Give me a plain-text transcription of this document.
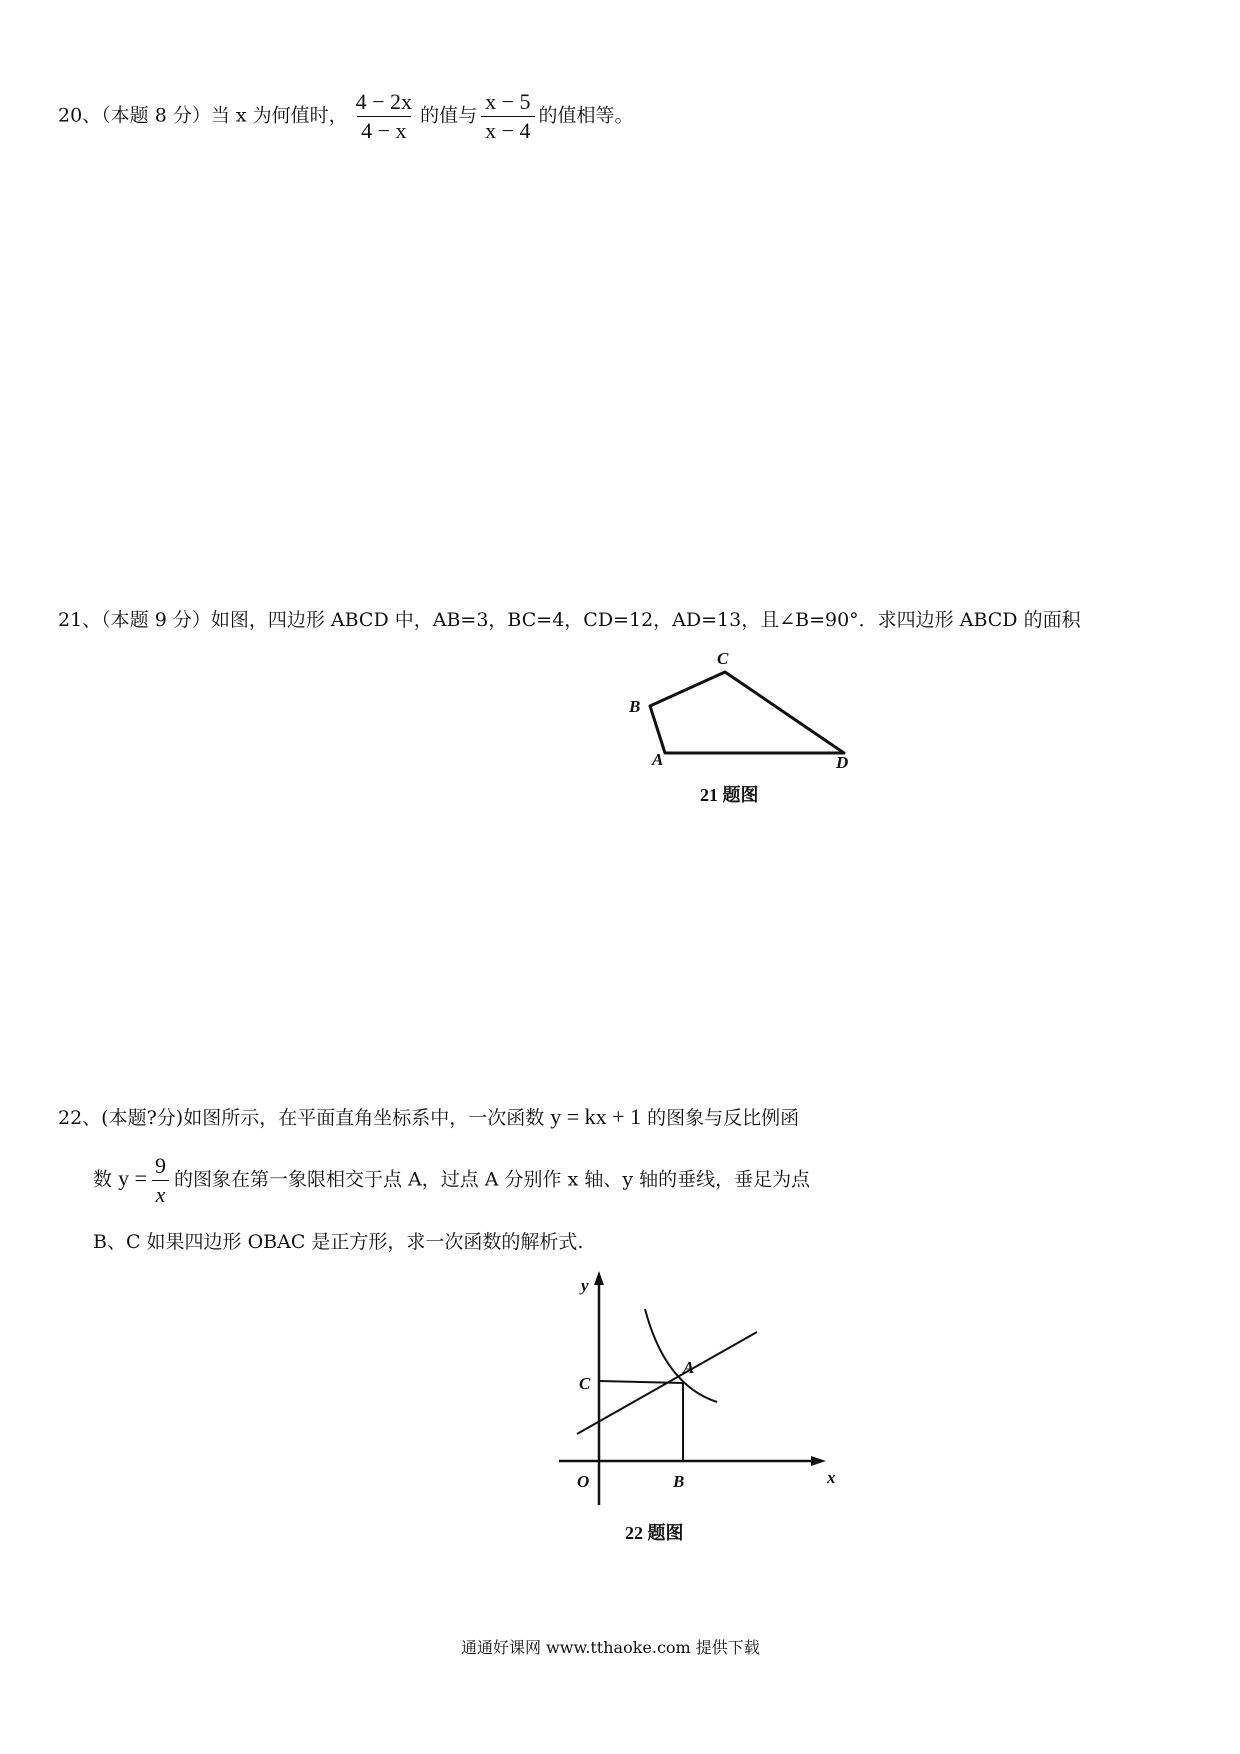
20、（本题 8 分）当 x 为何值时， $\frac{4 - 2x}{4 - x}$ 的值与 $\frac{x - 5}{x - 4}$ 的值相等。
21、（本题 9 分）如图，四边形 ABCD 中，AB=3，BC=4，CD=12，AD=13，且∠B=90°．求四边形 ABCD 的面积
B
C
A	D
21 题图
22、(本题?分)如图所示，在平面直角坐标系中，一次函数 y = kx + 1 的图象与反比例函
数 $y = \frac{9}{x}$ 的图象在第一象限相交于点 A，过点 A 分别作 x 轴、y 轴的垂线，垂足为点
B、C 如果四边形 OBAC 是正方形，求一次函数的解析式.
y
x
O	B
C
A
22 题图
通通好课网 www.tthaoke.com 提供下载
